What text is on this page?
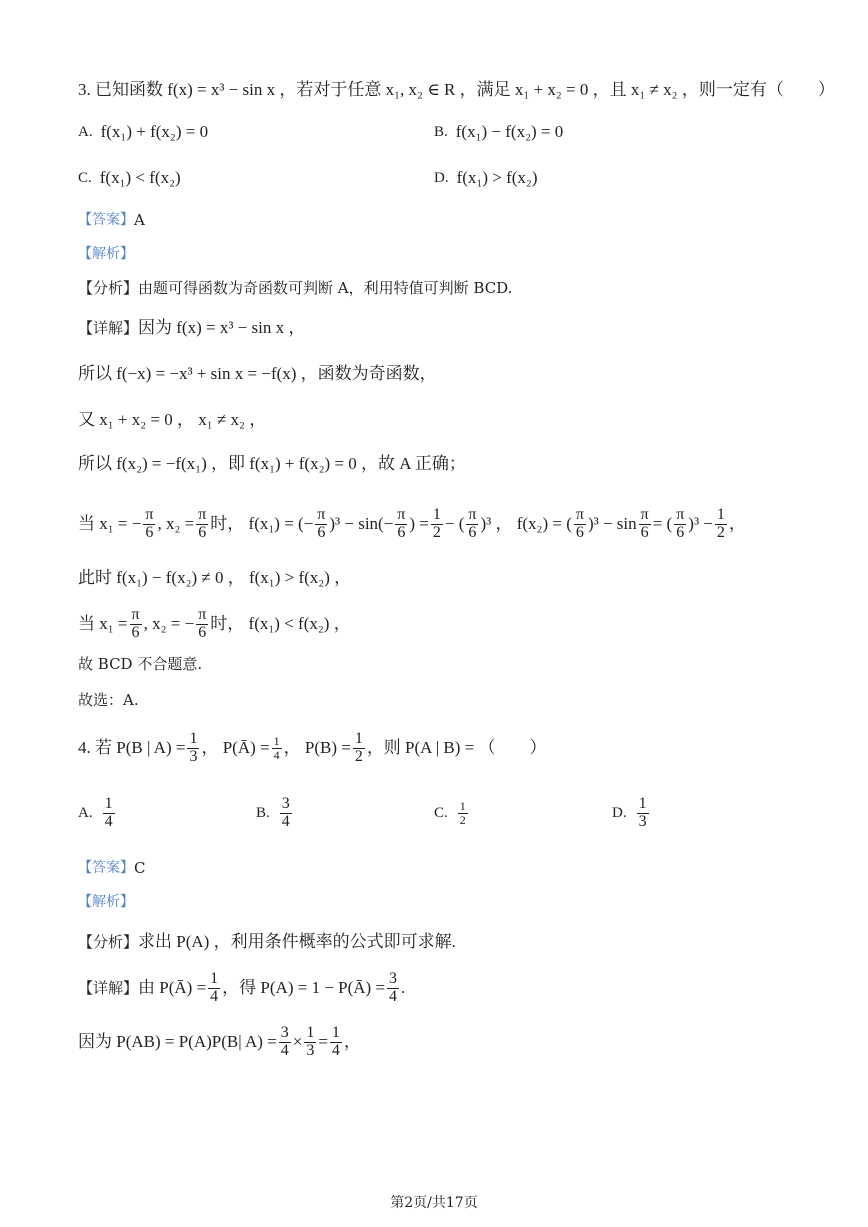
3. 已知函数 f(x) = x³ − sin x ，若对于任意 x₁, x₂ ∈ R ，满足 x₁ + x₂ = 0 ，且 x₁ ≠ x₂ ，则一定有（　　）
A. f(x₁) + f(x₂) = 0	B. f(x₁) − f(x₂) = 0
C. f(x₁) < f(x₂)	D. f(x₁) > f(x₂)
【答案】 A
【解析】
【分析】 由题可得函数为奇函数可判断 A，利用特值可判断 BCD.
【详解】 因为 f(x) = x³ − sin x ，
所以 f(−x) = −x³ + sin x = −f(x) ，函数为奇函数，
又 x₁ + x₂ = 0 ， x₁ ≠ x₂ ，
所以 f(x₂) = −f(x₁) ，即 f(x₁) + f(x₂) = 0 ，故 A 正确；
当 x₁ = − $\frac{\pi}{6}$ , $x_2 = \frac{\pi}{6}$ 时， f(x₁) = (− $\frac{\pi}{6} )^3 - \sin(- \frac{\pi}{6}$ ) = $\frac{1}{2}$ − ( $\frac{\pi}{6} )^3$ ， f(x₂) = ( $\frac{\pi}{6} )^3 - \sin \frac{\pi}{6}$ = ( $\frac{\pi}{6} )^3 - \frac{1}{2}$ ，
此时 f(x₁) − f(x₂) ≠ 0 ， f(x₁) > f(x₂) ，
当 $x_1 = \frac{\pi}{6}$ , x₂ = − $\frac{\pi}{6}$ 时， f(x₁) < f(x₂) ，
故 BCD 不合题意.
故选：A.
4. 若 P(B | $A) = \frac{1}{3}$ ， P(Ā) = $\frac{1}{4}$ ， $P(B) = \frac{1}{2}$ ，则 P(A | B) = （　　）
A. $\frac{1}{4}$	B. $\frac{3}{4}$	C. $\frac{1}{2}$	D. $\frac{1}{3}$
【答案】 C
【解析】
【分析】 求出 P(A) ，利用条件概率的公式即可求解.
【详解】 由 P(Ā) = $\frac{1}{4}$ ，得 P(A) = 1 − P(Ā) = $\frac{3}{4}$ .
因为 P(AB) = P(A)P(B| $A) = \frac{3}{4} \times \frac{1}{3} = \frac{1}{4}$ ，
第2页/共17页
